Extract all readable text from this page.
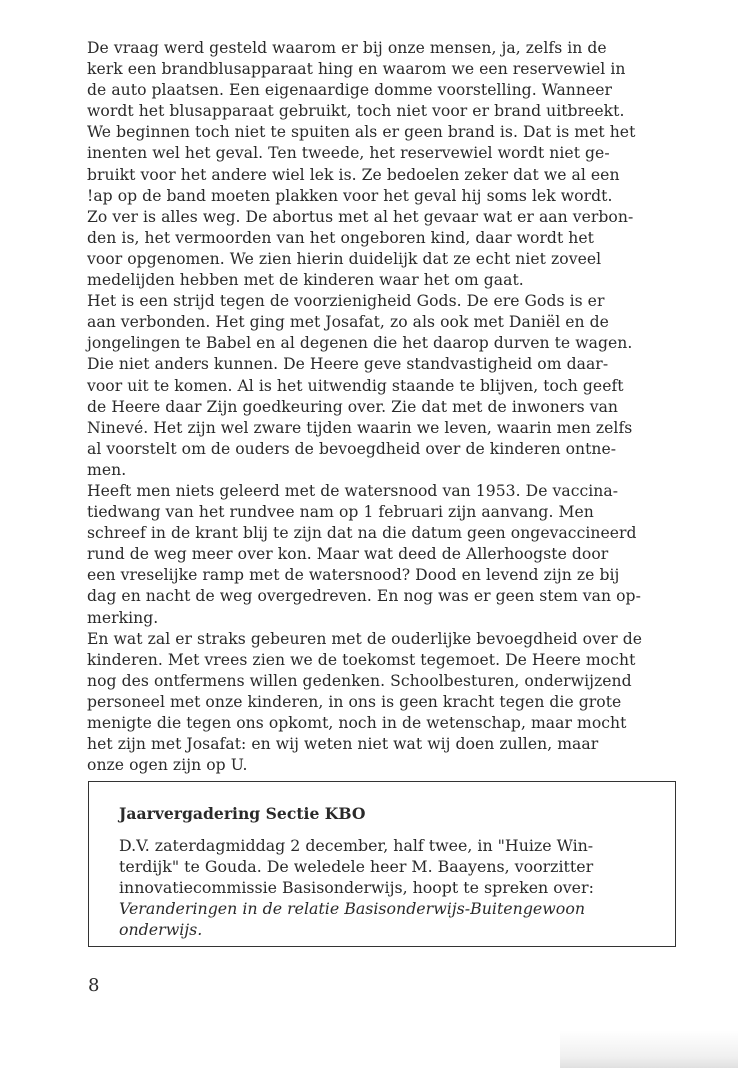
De vraag werd gesteld waarom er bij onze mensen, ja, zelfs in de
kerk een brandblusapparaat hing en waarom we een reservewiel in
de auto plaatsen. Een eigenaardige domme voorstelling. Wanneer
wordt het blusapparaat gebruikt, toch niet voor er brand uitbreekt.
We beginnen toch niet te spuiten als er geen brand is. Dat is met het
inenten wel het geval. Ten tweede, het reservewiel wordt niet ge-
bruikt voor het andere wiel lek is. Ze bedoelen zeker dat we al een
!ap op de band moeten plakken voor het geval hij soms lek wordt.
Zo ver is alles weg. De abortus met al het gevaar wat er aan verbon-
den is, het vermoorden van het ongeboren kind, daar wordt het
voor opgenomen. We zien hierin duidelijk dat ze echt niet zoveel
medelijden hebben met de kinderen waar het om gaat.
Het is een strijd tegen de voorzienigheid Gods. De ere Gods is er
aan verbonden. Het ging met Josafat, zo als ook met Daniël en de
jongelingen te Babel en al degenen die het daarop durven te wagen.
Die niet anders kunnen. De Heere geve standvastigheid om daar-
voor uit te komen. Al is het uitwendig staande te blijven, toch geeft
de Heere daar Zijn goedkeuring over. Zie dat met de inwoners van
Ninevé. Het zijn wel zware tijden waarin we leven, waarin men zelfs
al voorstelt om de ouders de bevoegdheid over de kinderen ontne-
men.
Heeft men niets geleerd met de watersnood van 1953. De vaccina-
tiedwang van het rundvee nam op 1 februari zijn aanvang. Men
schreef in de krant blij te zijn dat na die datum geen ongevaccineerd
rund de weg meer over kon. Maar wat deed de Allerhoogste door
een vreselijke ramp met de watersnood? Dood en levend zijn ze bij
dag en nacht de weg overgedreven. En nog was er geen stem van op-
merking.
En wat zal er straks gebeuren met de ouderlijke bevoegdheid over de
kinderen. Met vrees zien we de toekomst tegemoet. De Heere mocht
nog des ontfermens willen gedenken. Schoolbesturen, onderwijzend
personeel met onze kinderen, in ons is geen kracht tegen die grote
menigte die tegen ons opkomt, noch in de wetenschap, maar mocht
het zijn met Josafat: en wij weten niet wat wij doen zullen, maar
onze ogen zijn op U.
Jaarvergadering Sectie KBO
D.V. zaterdagmiddag 2 december, half twee, in "Huize Win-
terdijk" te Gouda. De weledele heer M. Baayens, voorzitter
innovatiecommissie Basisonderwijs, hoopt te spreken over:
Veranderingen in de relatie Basisonderwijs-Buitengewoon
onderwijs.
8
